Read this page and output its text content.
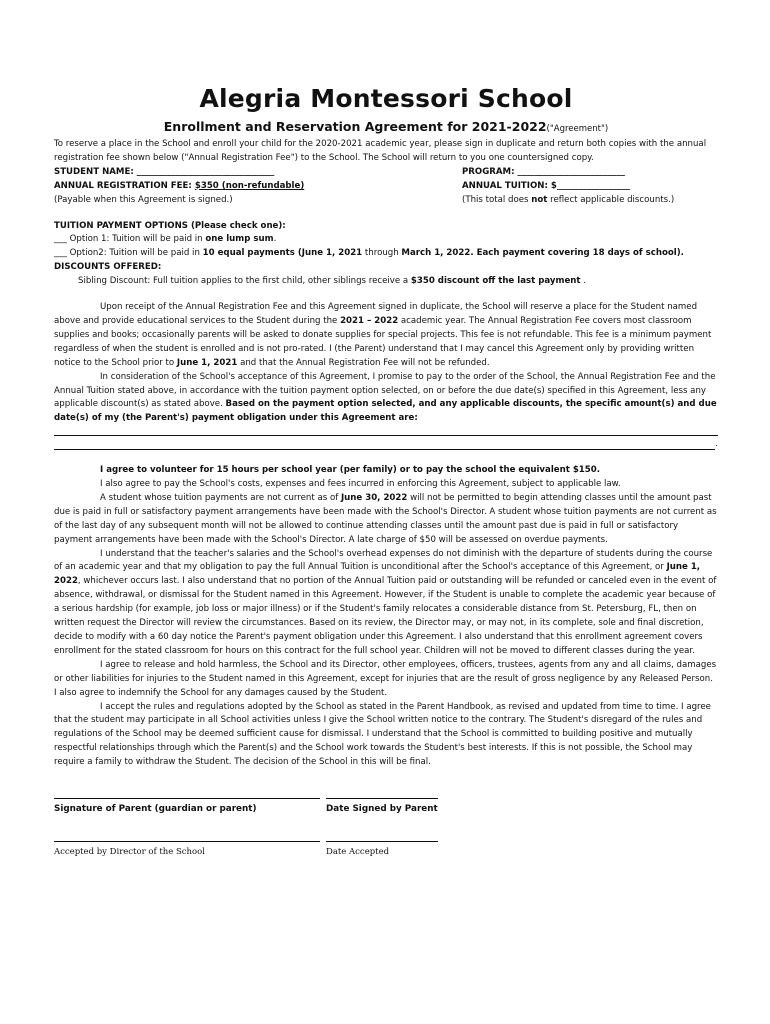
Alegria Montessori School
Enrollment and Reservation Agreement for 2021-2022("Agreement")

To reserve a place in the School and enroll your child for the 2020-2021 academic year, please sign in duplicate and return both copies with the annual registration fee shown below ("Annual Registration Fee") to the School. The School will return to you one countersigned copy.

STUDENT NAME: ________________________________	PROGRAM: _________________________
ANNUAL REGISTRATION FEE: $350 (non-refundable)	ANNUAL TUITION: $_________________
(Payable when this Agreement is signed.)	(This total does not reflect applicable discounts.)

TUITION PAYMENT OPTIONS (Please check one):

___ Option 1: Tuition will be paid in one lump sum.

___ Option2: Tuition will be paid in 10 equal payments (June 1, 2021 through March 1, 2022. Each payment covering 18 days of school).

DISCOUNTS OFFERED:

Sibling Discount: Full tuition applies to the first child, other siblings receive a $350 discount off the last payment .

Upon receipt of the Annual Registration Fee and this Agreement signed in duplicate, the School will reserve a place for the Student named above and provide educational services to the Student during the 2021 – 2022 academic year. The Annual Registration Fee covers most classroom supplies and books; occasionally parents will be asked to donate supplies for special projects. This fee is not refundable. This fee is a minimum payment regardless of when the student is enrolled and is not pro-rated. I (the Parent) understand that I may cancel this Agreement only by providing written notice to the School prior to June 1, 2021 and that the Annual Registration Fee will not be refunded.

In consideration of the School's acceptance of this Agreement, I promise to pay to the order of the School, the Annual Registration Fee and the Annual Tuition stated above, in accordance with the tuition payment option selected, on or before the due date(s) specified in this Agreement, less any applicable discount(s) as stated above. Based on the payment option selected, and any applicable discounts, the specific amount(s) and due date(s) of my (the Parent's) payment obligation under this Agreement are:

.

I agree to volunteer for 15 hours per school year (per family) or to pay the school the equivalent $150.

I also agree to pay the School's costs, expenses and fees incurred in enforcing this Agreement, subject to applicable law.

A student whose tuition payments are not current as of June 30, 2022 will not be permitted to begin attending classes until the amount past due is paid in full or satisfactory payment arrangements have been made with the School's Director. A student whose tuition payments are not current as of the last day of any subsequent month will not be allowed to continue attending classes until the amount past due is paid in full or satisfactory payment arrangements have been made with the School's Director. A late charge of $50 will be assessed on overdue payments.

I understand that the teacher's salaries and the School's overhead expenses do not diminish with the departure of students during the course of an academic year and that my obligation to pay the full Annual Tuition is unconditional after the School's acceptance of this Agreement, or June 1, 2022, whichever occurs last. I also understand that no portion of the Annual Tuition paid or outstanding will be refunded or canceled even in the event of absence, withdrawal, or dismissal for the Student named in this Agreement. However, if the Student is unable to complete the academic year because of a serious hardship (for example, job loss or major illness) or if the Student's family relocates a considerable distance from St. Petersburg, FL, then on written request the Director will review the circumstances. Based on its review, the Director may, or may not, in its complete, sole and final discretion, decide to modify with a 60 day notice the Parent's payment obligation under this Agreement. I also understand that this enrollment agreement covers enrollment for the stated classroom for hours on this contract for the full school year. Children will not be moved to different classes during the year.

I agree to release and hold harmless, the School and its Director, other employees, officers, trustees, agents from any and all claims, damages or other liabilities for injuries to the Student named in this Agreement, except for injuries that are the result of gross negligence by any Released Person. I also agree to indemnify the School for any damages caused by the Student.

I accept the rules and regulations adopted by the School as stated in the Parent Handbook, as revised and updated from time to time. I agree that the student may participate in all School activities unless I give the School written notice to the contrary. The Student's disregard of the rules and regulations of the School may be deemed sufficient cause for dismissal. I understand that the School is committed to building positive and mutually respectful relationships through which the Parent(s) and the School work towards the Student's best interests. If this is not possible, the School may require a family to withdraw the Student. The decision of the School in this will be final.

Signature of Parent (guardian or parent)	Date Signed by Parent
Accepted by Director of the School	Date Accepted
